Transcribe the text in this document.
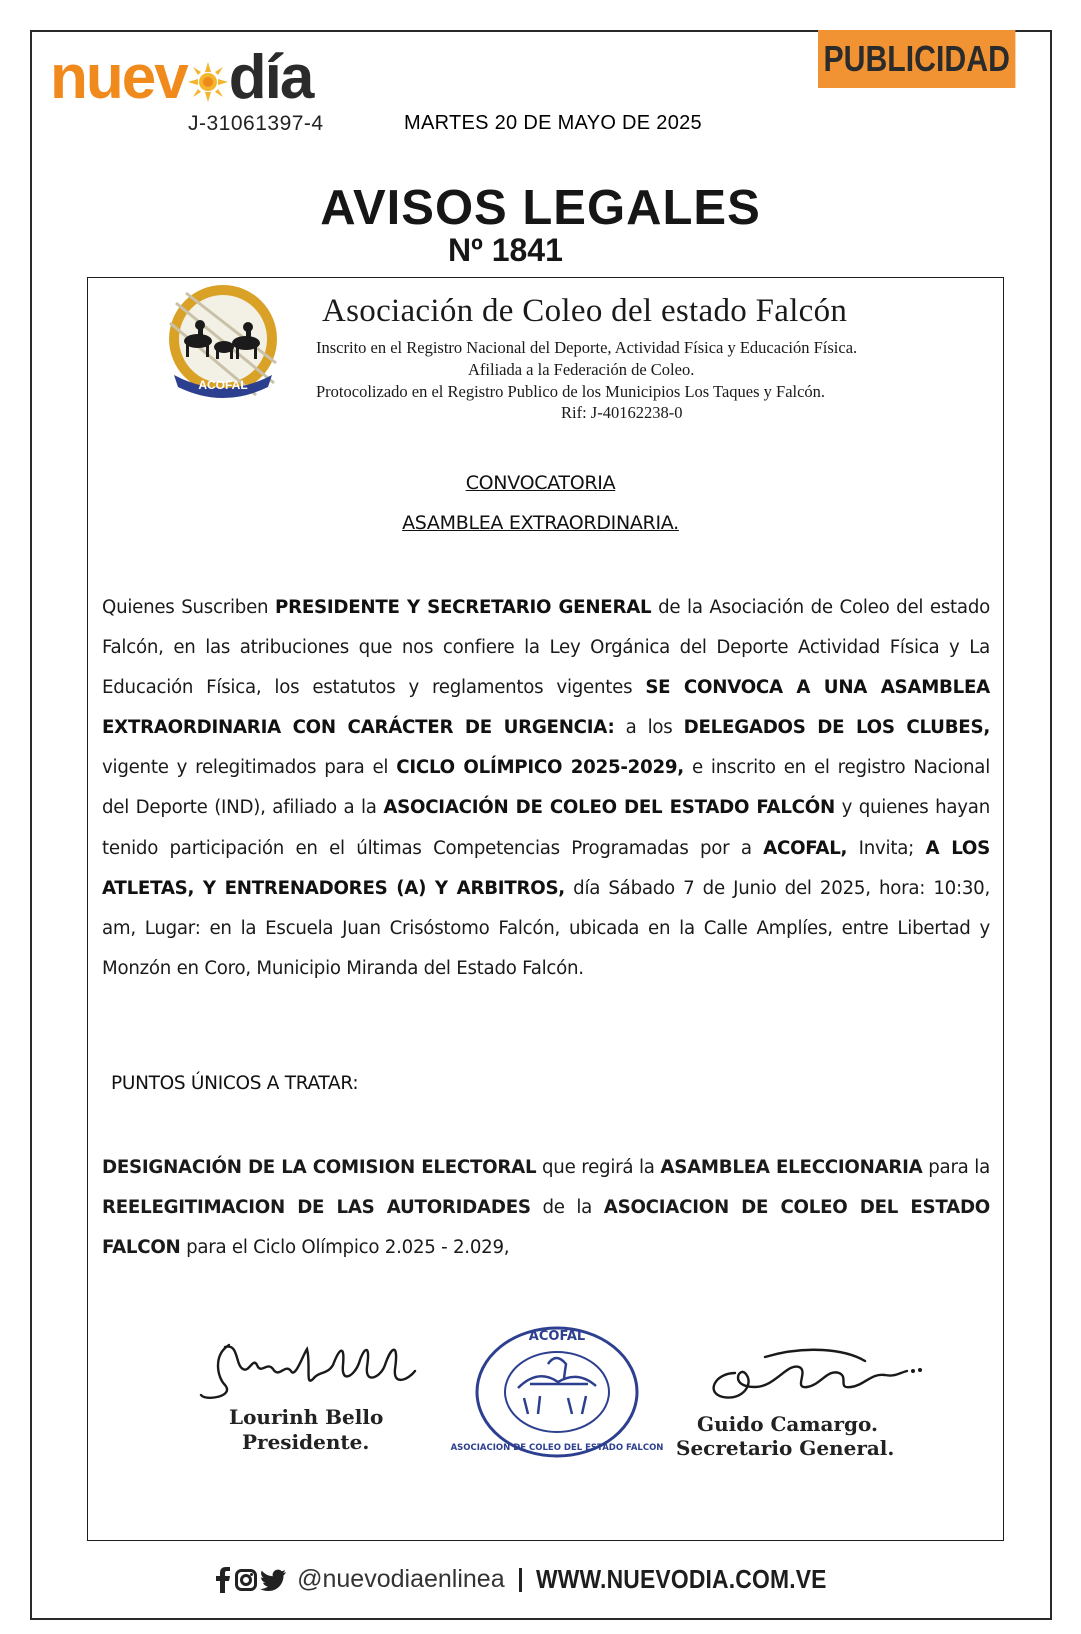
nuev día
J-31061397-4	MARTES 20 DE MAYO DE 2025
PUBLICIDAD
AVISOS LEGALES
Nº 1841
ACOFAL
Asociación de Coleo del estado Falcón
Inscrito en el Registro Nacional del Deporte, Actividad Física y Educación Física.
Afiliada a la Federación de Coleo.
Protocolizado en el Registro Publico de los Municipios Los Taques y Falcón.
Rif: J-40162238-0
CONVOCATORIA
ASAMBLEA EXTRAORDINARIA.
Quienes Suscriben PRESIDENTE Y SECRETARIO GENERAL de la Asociación de Coleo del estado Falcón, en las atribuciones que nos confiere la Ley Orgánica del Deporte Actividad Física y La Educación Física, los estatutos y reglamentos vigentes SE CONVOCA A UNA ASAMBLEA EXTRAORDINARIA CON CARÁCTER DE URGENCIA: a los DELEGADOS DE LOS CLUBES, vigente y relegitimados para el CICLO OLÍMPICO 2025-2029, e inscrito en el registro Nacional del Deporte (IND), afiliado a la ASOCIACIÓN DE COLEO DEL ESTADO FALCÓN y quienes hayan tenido participación en el últimas Competencias Programadas por a ACOFAL, Invita; A LOS ATLETAS, Y ENTRENADORES (A) Y ARBITROS, día Sábado 7 de Junio del 2025, hora: 10:30, am, Lugar: en la Escuela Juan Crisóstomo Falcón, ubicada en la Calle Amplíes, entre Libertad y Monzón en Coro, Municipio Miranda del Estado Falcón.
PUNTOS ÚNICOS A TRATAR:
DESIGNACIÓN DE LA COMISION ELECTORAL que regirá la ASAMBLEA ELECCIONARIA para la REELEGITIMACION DE LAS AUTORIDADES de la ASOCIACION DE COLEO DEL ESTADO FALCON para el Ciclo Olímpico 2.025 - 2.029,
Lourinh Bello
Presidente.
ACOFAL
ASOCIACION DE COLEO DEL ESTADO FALCON
Guido Camargo.
Secretario General.
@nuevodiaenlinea WWW.NUEVODIA.COM.VE
